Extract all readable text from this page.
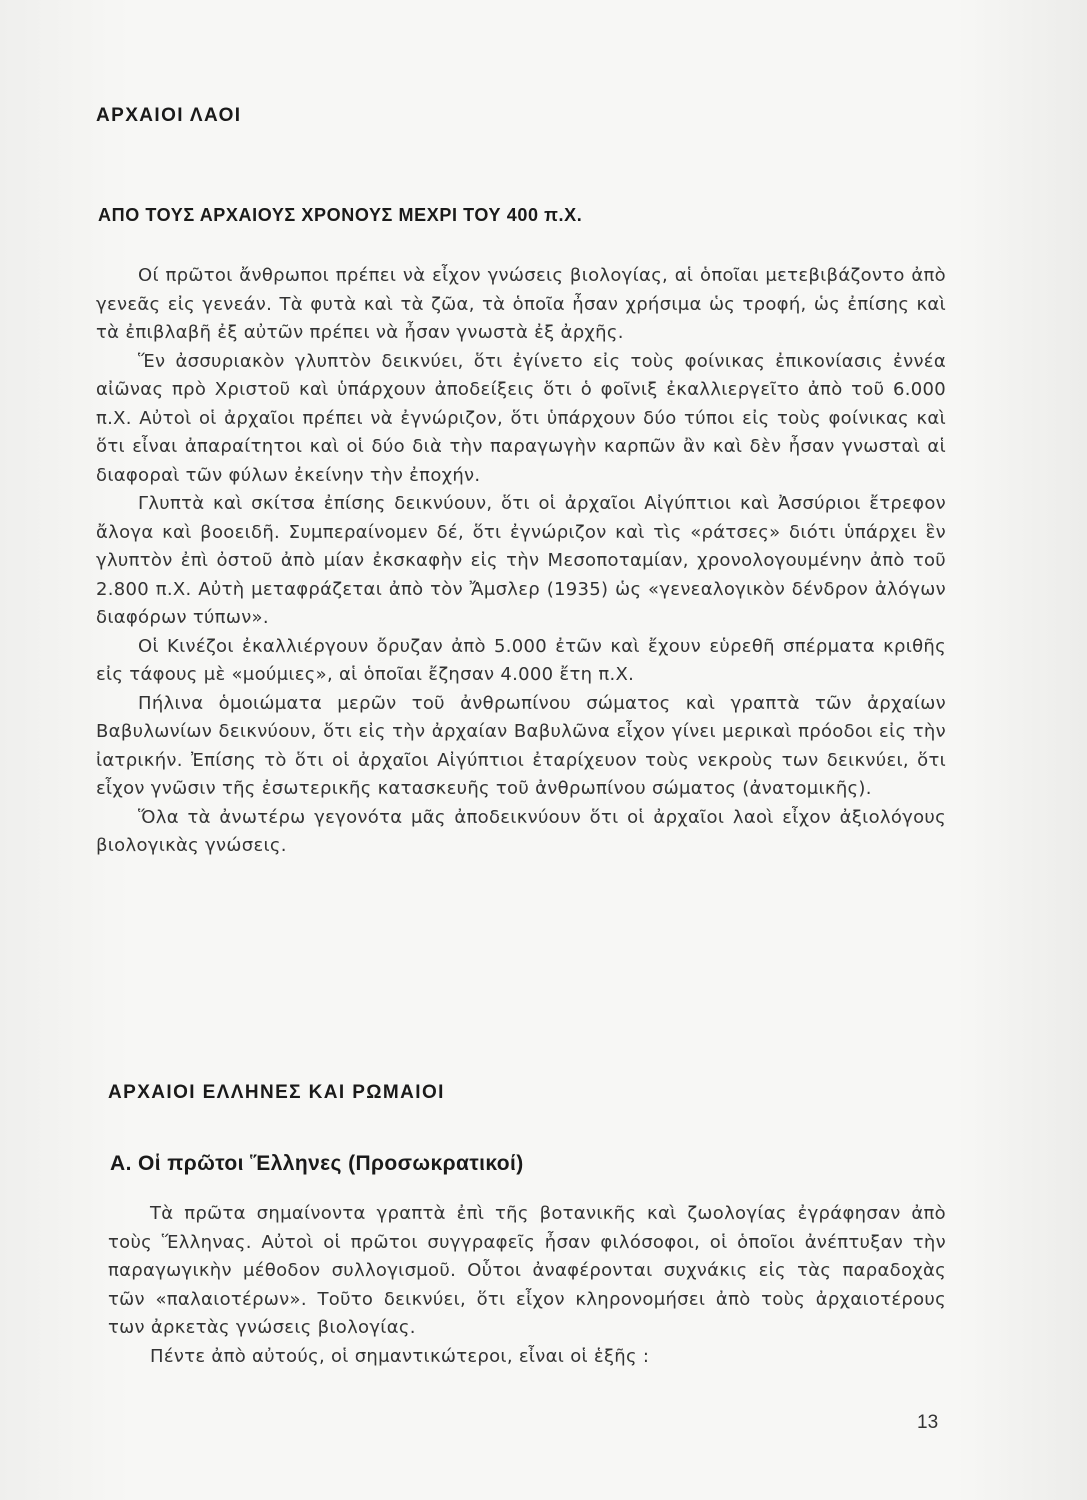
ΑΡΧΑΙΟΙ ΛΑΟΙ
ΑΠΟ ΤΟΥΣ ΑΡΧΑΙΟΥΣ ΧΡΟΝΟΥΣ ΜΕΧΡΙ ΤΟΥ 400 π.Χ.

Οί πρῶτοι ἄνθρωποι πρέπει νὰ εἶχον γνώσεις βιολογίας, αἱ ὁποῖαι μετεβιβάζοντο ἀπὸ γενεᾶς εἰς γενεάν. Τὰ φυτὰ καὶ τὰ ζῶα, τὰ ὁποῖα ἦσαν χρήσιμα ὡς τροφή, ὡς ἐπίσης καὶ τὰ ἐπιβλαβῆ ἐξ αὐτῶν πρέπει νὰ ἦσαν γνωστὰ ἐξ ἀρχῆς.

Ἕν ἀσσυριακὸν γλυπτὸν δεικνύει, ὅτι ἐγίνετο εἰς τοὺς φοίνικας ἐπικονίασις ἐννέα αἰῶνας πρὸ Χριστοῦ καὶ ὑπάρχουν ἀποδείξεις ὅτι ὁ φοῖνιξ ἐκαλλιεργεῖτο ἀπὸ τοῦ 6.000 π.Χ. Αὐτοὶ οἱ ἀρχαῖοι πρέπει νὰ ἐγνώριζον, ὅτι ὑπάρχουν δύο τύποι εἰς τοὺς φοίνικας καὶ ὅτι εἶναι ἀπαραίτητοι καὶ οἱ δύο διὰ τὴν παραγωγὴν καρπῶν ἂν καὶ δὲν ἦσαν γνωσταὶ αἱ διαφοραὶ τῶν φύλων ἐκείνην τὴν ἐποχήν.

Γλυπτὰ καὶ σκίτσα ἐπίσης δεικνύουν, ὅτι οἱ ἀρχαῖοι Αἰγύπτιοι καὶ Ἀσσύριοι ἔτρεφον ἄλογα καὶ βοοειδῆ. Συμπεραίνομεν δέ, ὅτι ἐγνώριζον καὶ τὶς «ράτσες» διότι ὑπάρχει ἓν γλυπτὸν ἐπὶ ὀστοῦ ἀπὸ μίαν ἐκσκαφὴν εἰς τὴν Μεσοποταμίαν, χρονολογουμένην ἀπὸ τοῦ 2.800 π.Χ. Αὐτὴ μεταφράζεται ἀπὸ τὸν Ἄμσλερ (1935) ὡς «γενεαλογικὸν δένδρον ἀλόγων διαφόρων τύπων».

Οἱ Κινέζοι ἐκαλλιέργουν ὄρυζαν ἀπὸ 5.000 ἐτῶν καὶ ἔχουν εὑρεθῆ σπέρματα κριθῆς εἰς τάφους μὲ «μούμιες», αἱ ὁποῖαι ἔζησαν 4.000 ἔτη π.Χ.

Πήλινα ὁμοιώματα μερῶν τοῦ ἀνθρωπίνου σώματος καὶ γραπτὰ τῶν ἀρχαίων Βαβυλωνίων δεικνύουν, ὅτι εἰς τὴν ἀρχαίαν Βαβυλῶνα εἶχον γίνει μερικαὶ πρόοδοι εἰς τὴν ἰατρικήν. Ἐπίσης τὸ ὅτι οἱ ἀρχαῖοι Αἰγύπτιοι ἐταρίχευον τοὺς νεκροὺς των δεικνύει, ὅτι εἶχον γνῶσιν τῆς ἐσωτερικῆς κατασκευῆς τοῦ ἀνθρωπίνου σώματος (ἀνατομικῆς).

Ὅλα τὰ ἀνωτέρω γεγονότα μᾶς ἀποδεικνύουν ὅτι οἱ ἀρχαῖοι λαοὶ εἶχον ἀξιολόγους βιολογικὰς γνώσεις.

ΑΡΧΑΙΟΙ ΕΛΛΗΝΕΣ ΚΑΙ ΡΩΜΑΙΟΙ
Α. Οἱ πρῶτοι Ἕλληνες (Προσωκρατικοί)

Τὰ πρῶτα σημαίνοντα γραπτὰ ἐπὶ τῆς βοτανικῆς καὶ ζωολογίας ἐγράφησαν ἀπὸ τοὺς Ἕλληνας. Αὐτοὶ οἱ πρῶτοι συγγραφεῖς ἦσαν φιλόσοφοι, οἱ ὁποῖοι ἀνέπτυξαν τὴν παραγωγικὴν μέθοδον συλλογισμοῦ. Οὗτοι ἀναφέρονται συχνάκις εἰς τὰς παραδοχὰς τῶν «παλαιοτέρων». Τοῦτο δεικνύει, ὅτι εἶχον κληρονομήσει ἀπὸ τοὺς ἀρχαιοτέρους των ἀρκετὰς γνώσεις βιολογίας.

Πέντε ἀπὸ αὐτούς, οἱ σημαντικώτεροι, εἶναι οἱ ἑξῆς :

13
